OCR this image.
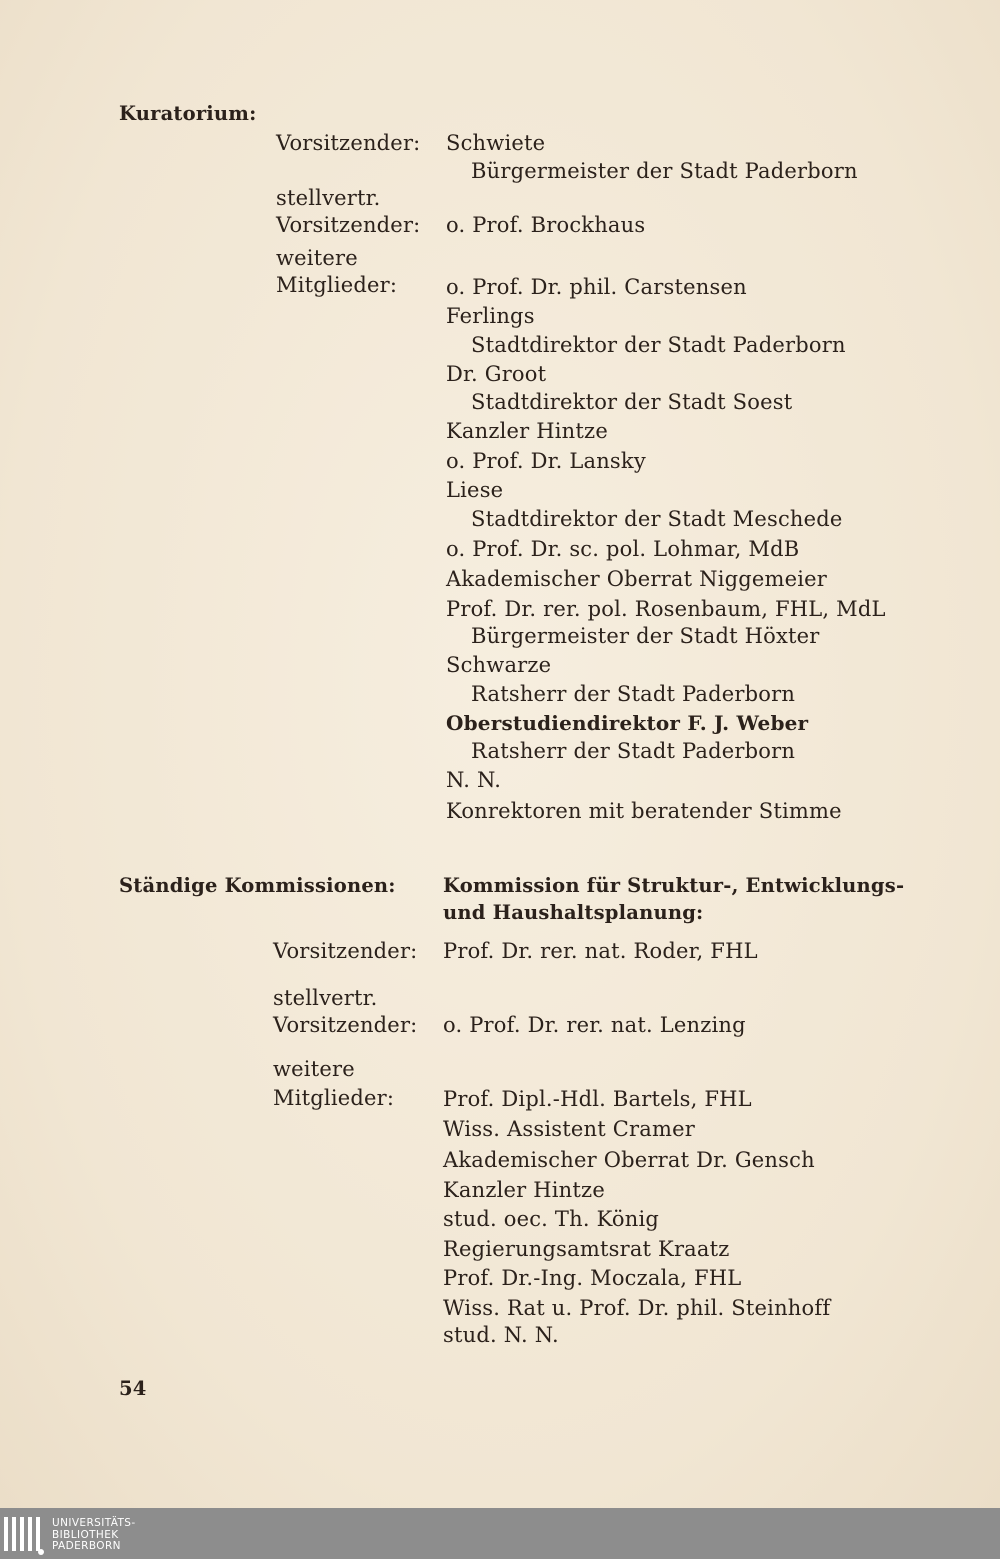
Kuratorium:
Vorsitzender: Schwiete
Bürgermeister der Stadt Paderborn
stellvertr.
Vorsitzender: o. Prof. Brockhaus
weitere
Mitglieder: o. Prof. Dr. phil. Carstensen
Ferlings
Stadtdirektor der Stadt Paderborn
Dr. Groot
Stadtdirektor der Stadt Soest
Kanzler Hintze
o. Prof. Dr. Lansky
Liese
Stadtdirektor der Stadt Meschede
o. Prof. Dr. sc. pol. Lohmar, MdB
Akademischer Oberrat Niggemeier
Prof. Dr. rer. pol. Rosenbaum, FHL, MdL
Bürgermeister der Stadt Höxter
Schwarze
Ratsherr der Stadt Paderborn
Oberstudiendirektor F. J. Weber
Ratsherr der Stadt Paderborn
N. N.
Konrektoren mit beratender Stimme
Ständige Kommissionen: Kommission für Struktur-, Entwicklungs-
und Haushaltsplanung:
Vorsitzender: Prof. Dr. rer. nat. Roder, FHL
stellvertr.
Vorsitzender: o. Prof. Dr. rer. nat. Lenzing
weitere
Mitglieder: Prof. Dipl.-Hdl. Bartels, FHL
Wiss. Assistent Cramer
Akademischer Oberrat Dr. Gensch
Kanzler Hintze
stud. oec. Th. König
Regierungsamtsrat Kraatz
Prof. Dr.-Ing. Moczala, FHL
Wiss. Rat u. Prof. Dr. phil. Steinhoff
stud. N. N.
54
UNIVERSITÄTS-
BIBLIOTHEK
PADERBORN
